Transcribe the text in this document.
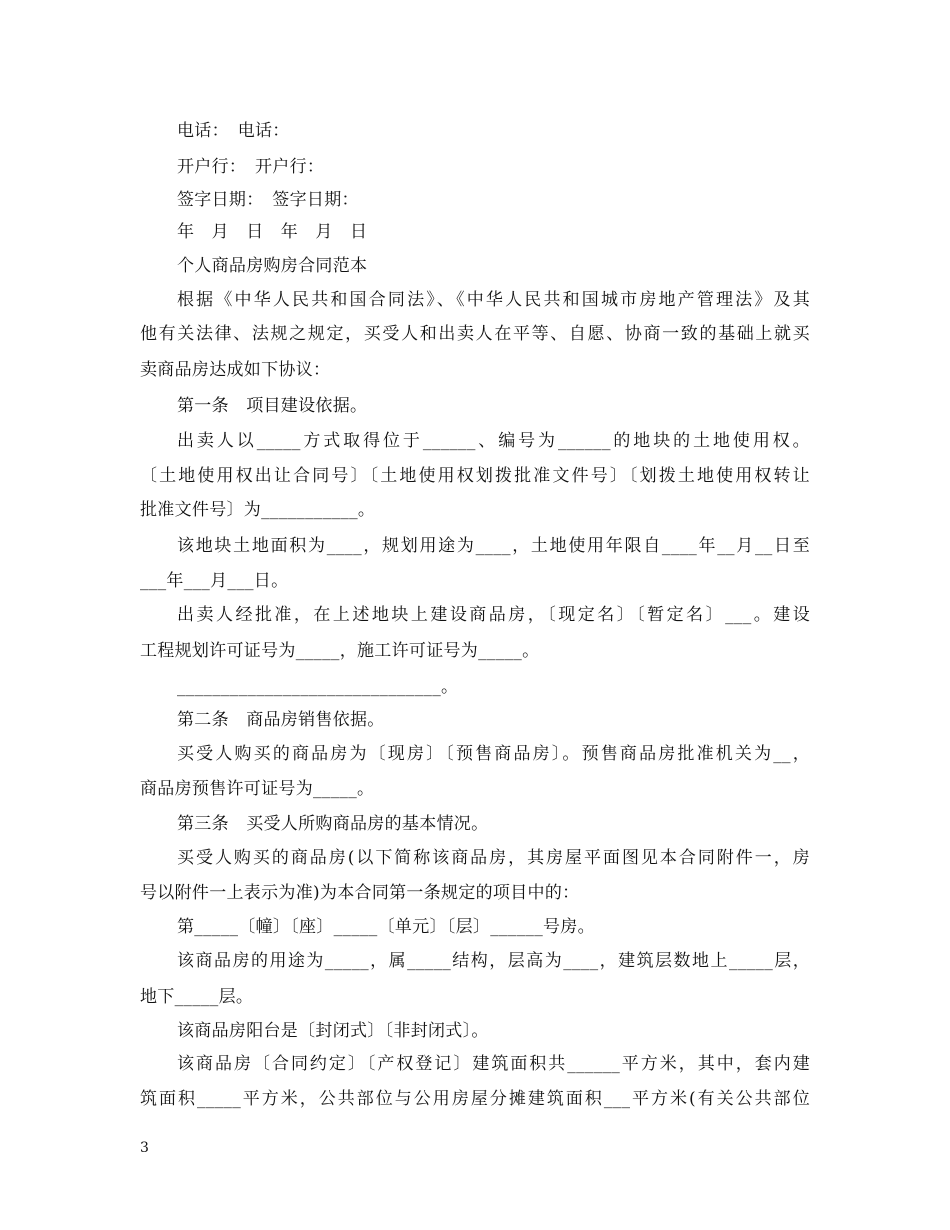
电话：　电话：
开户行：　开户行：
签字日期：　签字日期：
年　月　日　年　月　日
个人商品房购房合同范本
根据《中华人民共和国合同法》、《中华人民共和国城市房地产管理法》及其
他有关法律、法规之规定，买受人和出卖人在平等、自愿、协商一致的基础上就买
卖商品房达成如下协议：
第一条　项目建设依据。
出卖人以_____方式取得位于______、编号为______的地块的土地使用权。
〔土地使用权出让合同号〕〔土地使用权划拨批准文件号〕〔划拨土地使用权转让
批准文件号〕为___________。
该地块土地面积为____，规划用途为____，土地使用年限自____年__月__日至
___年___月___日。
出卖人经批准，在上述地块上建设商品房，〔现定名〕〔暂定名〕___。建设
工程规划许可证号为_____，施工许可证号为_____。
______________________________。
第二条　商品房销售依据。
买受人购买的商品房为〔现房〕〔预售商品房〕。预售商品房批准机关为__，
商品房预售许可证号为_____。
第三条　买受人所购商品房的基本情况。
买受人购买的商品房(以下简称该商品房，其房屋平面图见本合同附件一，房
号以附件一上表示为准)为本合同第一条规定的项目中的：
第_____〔幢〕〔座〕_____〔单元〕〔层〕______号房。
该商品房的用途为_____，属_____结构，层高为____，建筑层数地上_____层，
地下_____层。
该商品房阳台是〔封闭式〕〔非封闭式〕。
该商品房〔合同约定〕〔产权登记〕建筑面积共______平方米，其中，套内建
筑面积_____平方米，公共部位与公用房屋分摊建筑面积___平方米(有关公共部位
3
